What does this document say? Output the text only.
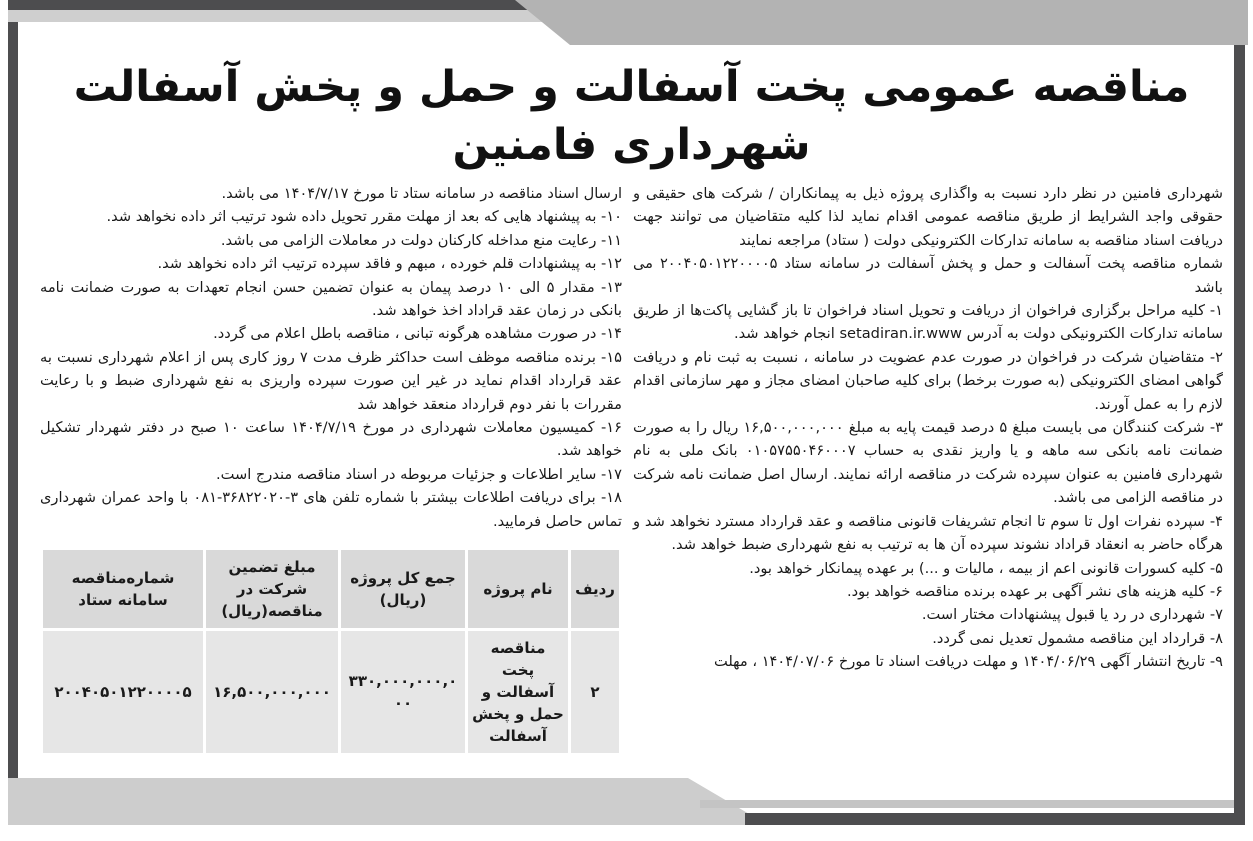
مناقصه عمومی پخت آسفالت و حمل و پخش آسفالت شهرداری فامنین

شهرداری فامنین در نظر دارد نسبت به واگذاری پروژه ذیل به پیمانکاران / شرکت های حقیقی و حقوقی واجد الشرایط از طریق مناقصه عمومی اقدام نماید لذا کلیه متقاضیان می توانند جهت دریافت اسناد مناقصه به سامانه تدارکات الکترونیکی دولت ( ستاد) مراجعه نمایند

شماره مناقصه پخت آسفالت و حمل و پخش آسفالت در سامانه ستاد ۲۰۰۴۰۵۰۱۲۲۰۰۰۰۵ می باشد

۱- کلیه مراحل برگزاری فراخوان از دریافت و تحویل اسناد فراخوان تا باز گشایی پاکت‌ها از طریق سامانه تدارکات الکترونیکی دولت به آدرس setadiran.ir.www انجام خواهد شد.

۲- متقاضیان شرکت در فراخوان در صورت عدم عضویت در سامانه ، نسبت به ثبت نام و دریافت گواهی امضای الکترونیکی (به صورت برخط) برای کلیه صاحبان امضای مجاز و مهر سازمانی اقدام لازم را به عمل آورند.

۳- شرکت کنندگان می بایست مبلغ ۵ درصد قیمت پایه به مبلغ ۱۶,۵۰۰,۰۰۰,۰۰۰ ریال را به صورت ضمانت نامه بانکی سه ماهه و یا واریز نقدی به حساب ۰۱۰۵۷۵۵۰۴۶۰۰۰۷ بانک ملی به نام شهرداری فامنین به عنوان سپرده شرکت در مناقصه ارائه نمایند. ارسال اصل ضمانت نامه شرکت در مناقصه الزامی می باشد.

۴- سپرده نفرات اول تا سوم تا انجام تشریفات قانونی مناقصه و عقد قرارداد مسترد نخواهد شد و هرگاه حاضر به انعقاد قراداد نشوند سپرده آن ها به ترتیب به نفع شهرداری ضبط خواهد شد.

۵- کلیه کسورات قانونی اعم از بیمه ، مالیات و ...) بر عهده پیمانکار خواهد بود.

۶- کلیه هزینه های نشر آگهی بر عهده برنده مناقصه خواهد بود.

۷- شهرداری در رد یا قبول پیشنهادات مختار است.

۸- قرارداد این مناقصه مشمول تعدیل نمی گردد.

۹- تاریخ انتشار آگهی ۱۴۰۴/۰۶/۲۹ و مهلت دریافت اسناد تا مورخ ۱۴۰۴/۰۷/۰۶ ، مهلت

ارسال اسناد مناقصه در سامانه ستاد تا مورخ ۱۴۰۴/۷/۱۷ می باشد.

۱۰- به پیشنهاد هایی که بعد از مهلت مقرر تحویل داده شود ترتیب اثر داده نخواهد شد.

۱۱- رعایت منع مداخله کارکنان دولت در معاملات الزامی می باشد.

۱۲- به پیشنهادات قلم خورده ، مبهم و فاقد سپرده ترتیب اثر داده نخواهد شد.

۱۳- مقدار ۵ الی ۱۰ درصد پیمان به عنوان تضمین حسن انجام تعهدات به صورت ضمانت نامه بانکی در زمان عقد قراداد اخذ خواهد شد.

۱۴- در صورت مشاهده هرگونه تبانی ، مناقصه باطل اعلام می گردد.

۱۵- برنده مناقصه موظف است حداکثر ظرف مدت ۷ روز کاری پس از اعلام شهرداری نسبت به عقد قرارداد اقدام نماید در غیر این صورت سپرده واریزی به نفع شهرداری ضبط و با رعایت مقررات با نفر دوم قرارداد منعقد خواهد شد

۱۶- کمیسیون معاملات شهرداری در مورخ ۱۴۰۴/۷/۱۹ ساعت ۱۰ صبح در دفتر شهردار تشکیل خواهد شد.

۱۷- سایر اطلاعات و جزئیات مربوطه در اسناد مناقصه مندرج است.

۱۸- برای دریافت اطلاعات بیشتر با شماره تلفن های ۳-۳۶۸۲۲۰۲۰-۰۸۱ با واحد عمران شهرداری تماس حاصل فرمایید.

ردیف	نام پروژه	جمع کل پروژه (ریال)	مبلغ تضمین شرکت در مناقصه(ریال)	شماره‌مناقصه سامانه ستاد
۲	مناقصه پخت آسفالت و حمل و پخش آسفالت	۳۳۰,۰۰۰,۰۰۰,۰۰۰	۱۶,۵۰۰,۰۰۰,۰۰۰	۲۰۰۴۰۵۰۱۲۲۰۰۰۰۵
